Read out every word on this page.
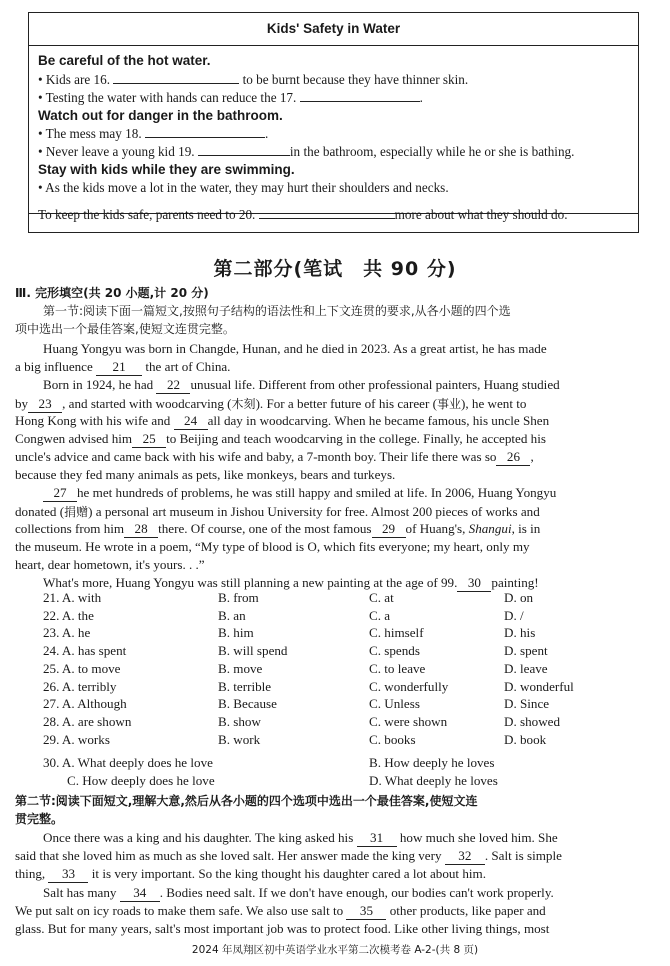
Kids' Safety in Water
Be careful of the hot water.
• Kids are 16.	to be burnt because they have thinner skin.
• Testing the water with hands can reduce the 17.	.
Watch out for danger in the bathroom.
• The mess may 18.	.
• Never leave a young kid 19.	in the bathroom, especially while he or she is bathing.
Stay with kids while they are swimming.
• As the kids move a lot in the water, they may hurt their shoulders and necks.
To keep the kids safe, parents need to 20.	more about what they should do.
第二部分(笔试　共 90 分)
Ⅲ. 完形填空(共 20 小题,计 20 分)
第一节:阅读下面一篇短文,按照句子结构的语法性和上下文连贯的要求,从各小题的四个选
项中选出一个最佳答案,使短文连贯完整。
Huang Yongyu was born in Changde, Hunan, and he died in 2023. As a great artist, he has made
a big influence 21 the art of China.
Born in 1924, he had 22 unusual life. Different from other professional painters, Huang studied
by 23 , and started with woodcarving (木刻). For a better future of his career (事业), he went to
Hong Kong with his wife and 24 all day in woodcarving. When he became famous, his uncle Shen
Congwen advised him 25 to Beijing and teach woodcarving in the college. Finally, he accepted his
uncle's advice and came back with his wife and baby, a 7-month boy. Their life there was so 26 ,
because they fed many animals as pets, like monkeys, bears and turkeys.
27 he met hundreds of problems, he was still happy and smiled at life. In 2006, Huang Yongyu
donated (捐赠) a personal art museum in Jishou University for free. Almost 200 pieces of works and
collections from him 28 there. Of course, one of the most famous 29 of Huang's, Shangui, is in
the museum. He wrote in a poem, “My type of blood is O, which fits everyone; my heart, only my
heart, dear hometown, it's yours. . .”
What's more, Huang Yongyu was still planning a new painting at the age of 99. 30 painting!
21. A. with	B. from	C. at	D. on
22. A. the	B. an	C. a	D. /
23. A. he	B. him	C. himself	D. his
24. A. has spent	B. will spend	C. spends	D. spent
25. A. to move	B. move	C. to leave	D. leave
26. A. terribly	B. terrible	C. wonderfully	D. wonderful
27. A. Although	B. Because	C. Unless	D. Since
28. A. are shown	B. show	C. were shown	D. showed
29. A. works	B. work	C. books	D. book
30. A. What deeply does he love	B. How deeply he loves
C. How deeply does he love	D. What deeply he loves
第二节:阅读下面短文,理解大意,然后从各小题的四个选项中选出一个最佳答案,使短文连
贯完整。
Once there was a king and his daughter. The king asked his 31 how much she loved him. She
said that she loved him as much as she loved salt. Her answer made the king very 32 . Salt is simple
thing, 33 it is very important. So the king thought his daughter cared a lot about him.
Salt has many 34 . Bodies need salt. If we don't have enough, our bodies can't work properly.
We put salt on icy roads to make them safe. We also use salt to 35 other products, like paper and
glass. But for many years, salt's most important job was to protect food. Like other living things, most
2024 年凤翔区初中英语学业水平第二次模考卷 A-2-(共 8 页)
